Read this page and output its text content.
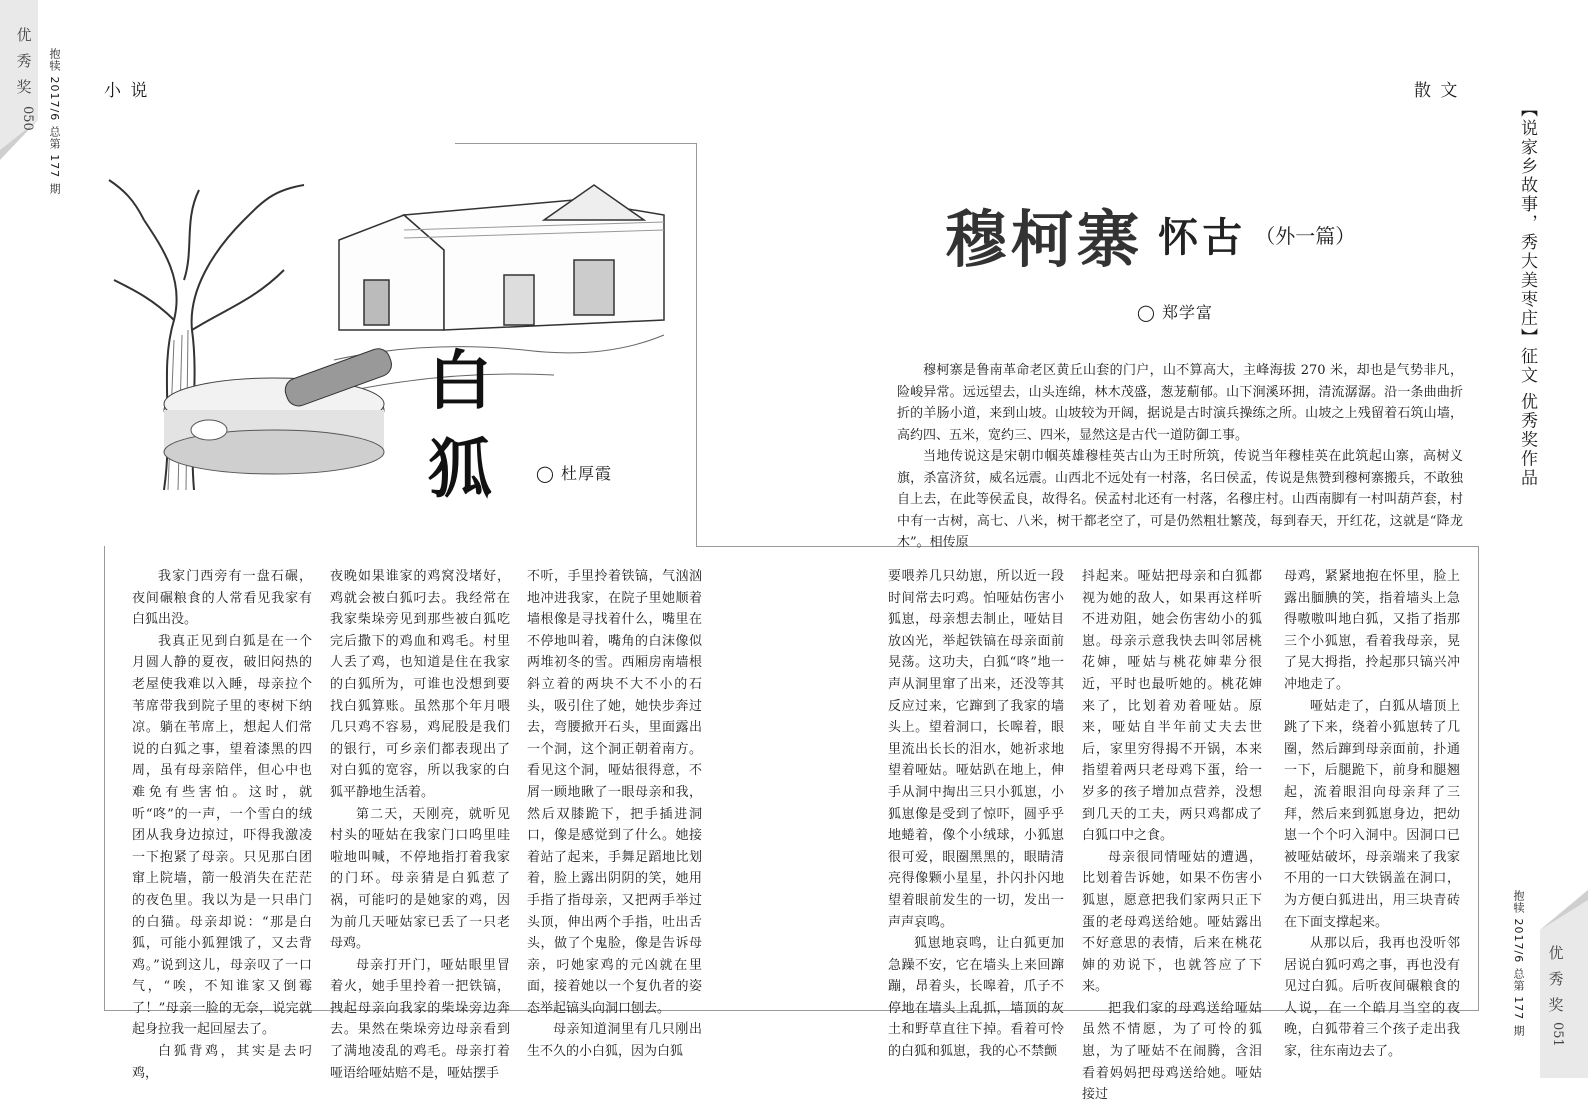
优
秀
奖
050	抱犊 2017/6 总第 177 期	小 说
白
狐	◯ 杜厚霞

我家门西旁有一盘石碾，夜间碾粮食的人常看见我家有白狐出没。

我真正见到白狐是在一个月圆人静的夏夜，破旧闷热的老屋使我难以入睡，母亲拉个苇席带我到院子里的枣树下纳凉。躺在苇席上，想起人们常说的白狐之事，望着漆黑的四周，虽有母亲陪伴，但心中也难免有些害怕。这时，就听“咚”的一声，一个雪白的绒团从我身边掠过，吓得我激凌一下抱紧了母亲。只见那白团窜上院墙，箭一般消失在茫茫的夜色里。我以为是一只串门的白猫。母亲却说：“那是白狐，可能小狐狸饿了，又去背鸡。”说到这儿，母亲叹了一口气，“唉，不知谁家又倒霉了！”母亲一脸的无奈，说完就起身拉我一起回屋去了。

白狐背鸡，其实是去叼鸡，

夜晚如果谁家的鸡窝没堵好，鸡就会被白狐叼去。我经常在我家柴垛旁见到那些被白狐吃完后撒下的鸡血和鸡毛。村里人丢了鸡，也知道是住在我家的白狐所为，可谁也没想到要找白狐算账。虽然那个年月喂几只鸡不容易，鸡屁股是我们的银行，可乡亲们都表现出了对白狐的宽容，所以我家的白狐平静地生活着。

第二天，天刚亮，就听见村头的哑姑在我家门口呜里哇啦地叫喊，不停地指打着我家的门环。母亲猜是白狐惹了祸，可能叼的是她家的鸡，因为前几天哑姑家已丢了一只老母鸡。

母亲打开门，哑姑眼里冒着火，她手里拎着一把铁镐，拽起母亲向我家的柴垛旁边奔去。果然在柴垛旁边母亲看到了满地凌乱的鸡毛。母亲打着哑语给哑姑赔不是，哑姑摆手

不听，手里拎着铁镐，气汹汹地冲进我家，在院子里她顺着墙根像是寻找着什么，嘴里在不停地叫着，嘴角的白沫像似两堆初冬的雪。西厢房南墙根斜立着的两块不大不小的石头，吸引住了她，她快步奔过去，弯腰掀开石头，里面露出一个洞，这个洞正朝着南方。看见这个洞，哑姑很得意，不屑一顾地瞅了一眼母亲和我，然后双膝跪下，把手插进洞口，像是感觉到了什么。她接着站了起来，手舞足蹈地比划着，脸上露出阴阴的笑，她用手指了指母亲，又把两手举过头顶，伸出两个手指，吐出舌头，做了个鬼脸，像是告诉母亲，叼她家鸡的元凶就在里面，接着她以一个复仇者的姿态举起镐头向洞口刨去。

母亲知道洞里有几只刚出生不久的小白狐，因为白狐

散 文
【说家乡故事，秀大美枣庄】征文 优秀奖作品
穆柯寨 怀古 （外一篇）
◯ 郑学富

穆柯寨是鲁南革命老区黄丘山套的门户，山不算高大，主峰海拔 270 米，却也是气势非凡，险峻异常。远远望去，山头连绵，林木茂盛，葱茏葪郁。山下涧溪环拥，清流潺潺。沿一条曲曲折折的羊肠小道，来到山坡。山坡较为开阔，据说是古时演兵操练之所。山坡之上残留着石筑山墙，高约四、五米，宽约三、四米，显然这是古代一道防御工事。

当地传说这是宋朝巾帼英雄穆桂英古山为王时所筑，传说当年穆桂英在此筑起山寨，高树义旗，杀富济贫，威名远震。山西北不远处有一村落，名曰侯孟，传说是焦赞到穆柯寨搬兵，不敢独自上去，在此等侯孟良，故得名。侯孟村北还有一村落，名穆庄村。山西南脚有一村叫葫芦套，村中有一古树，高七、八米，树干都老空了，可是仍然粗壮繁茂，每到春天，开红花，这就是“降龙木”。相传原

要喂养几只幼崽，所以近一段时间常去叼鸡。怕哑姑伤害小狐崽，母亲想去制止，哑姑目放凶光，举起铁镐在母亲面前晃荡。这功夫，白狐“咚”地一声从洞里窜了出来，还没等其反应过来，它蹿到了我家的墙头上。望着洞口，长嗥着，眼里流出长长的泪水，她祈求地望着哑姑。哑姑趴在地上，伸手从洞中掏出三只小狐崽，小狐崽像是受到了惊吓，圆乎乎地蜷着，像个小绒球，小狐崽很可爱，眼圈黑黑的，眼睛清亮得像颗小星星，扑闪扑闪地望着眼前发生的一切，发出一声声哀鸣。

狐崽地哀鸣，让白狐更加急躁不安，它在墙头上来回蹿蹦，昂着头，长嗥着，爪子不停地在墙头上乱抓，墙顶的灰土和野草直往下掉。看着可怜的白狐和狐崽，我的心不禁颤

抖起来。哑姑把母亲和白狐都视为她的敌人，如果再这样听不进劝阻，她会伤害幼小的狐崽。母亲示意我快去叫邻居桃花婶，哑姑与桃花婶辈分很近，平时也最听她的。桃花婶来了，比划着劝着哑姑。原来，哑姑自半年前丈夫去世后，家里穷得揭不开锅，本来指望着两只老母鸡下蛋，给一岁多的孩子增加点营养，没想到几天的工夫，两只鸡都成了白狐口中之食。

母亲很同情哑姑的遭遇，比划着告诉她，如果不伤害小狐崽，愿意把我们家两只正下蛋的老母鸡送给她。哑姑露出不好意思的表情，后来在桃花婶的劝说下，也就答应了下来。

把我们家的母鸡送给哑姑虽然不情愿，为了可怜的狐崽，为了哑姑不在闹腾，含泪看着妈妈把母鸡送给她。哑姑接过

母鸡，紧紧地抱在怀里，脸上露出腼腆的笑，指着墙头上急得嗷嗷叫地白狐，又指了指那三个小狐崽，看着我母亲，晃了晃大拇指，拎起那只镐兴冲冲地走了。

哑姑走了，白狐从墙顶上跳了下来，绕着小狐崽转了几圈，然后蹿到母亲面前，扑通一下，后腿跪下，前身和腿翘起，流着眼泪向母亲拜了三拜，然后来到狐崽身边，把幼崽一个个叼入洞中。因洞口已被哑姑破坏，母亲端来了我家不用的一口大铁锅盖在洞口，为方便白狐进出，用三块青砖在下面支撑起来。

从那以后，我再也没听邻居说白狐叼鸡之事，再也没有见过白狐。后听夜间碾粮食的人说，在一个皓月当空的夜晚，白狐带着三个孩子走出我家，往东南边去了。

抱犊 2017/6 总第 177 期 优
秀
奖
051
